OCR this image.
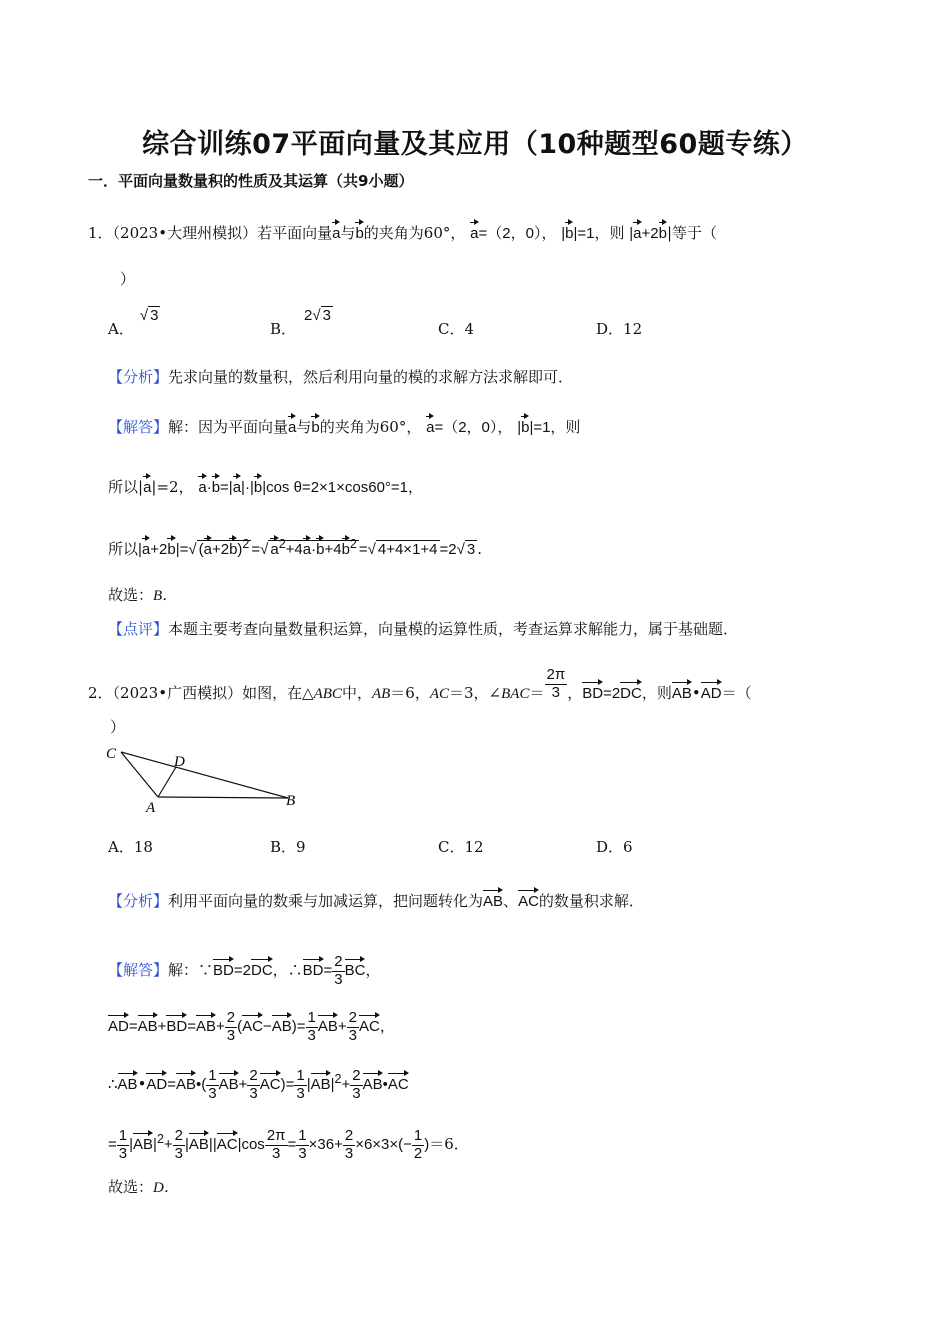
综合训练07平面向量及其应用（10种题型60题专练）
一．平面向量数量积的性质及其运算（共9小题）
1．（2023•大理州模拟）若平面向量a与b的夹角为60°， a=（2，0）， |b|=1，则 |a+2b|等于（
）
A．√ 3
B．2√ 3
C．4	D．12
【分析】先求向量的数量积，然后利用向量的模的求解方法求解即可．
【解答】解：因为平面向量a与b的夹角为60°， a=（2，0）， |b|=1，则
所以|a|=2， a·b=|a|·|b|cos θ=2×1×cos60°=1，
所以|a+2b|=√ $(a+2b)^2$ =√ $a^2+4a\cdot b+4b^2$ =√ 4+4×1+4 =2√ 3 .
故选：B．
【点评】本题主要考查向量数量积运算，向量模的运算性质，考查运算求解能力，属于基础题．
2．（2023•广西模拟）如图，在△ABC中，AB＝6，AC＝3，∠BAC＝ $\frac{2\pi}{3}$ ，BD=2DC，则AB•AD＝（
）
C	D
A	B
A．18	B．9	C．12	D．6
【分析】利用平面向量的数乘与加减运算，把问题转化为AB、AC的数量积求解．
【解答】解：∵BD=2DC，∴BD= $\frac{2}{3}$ BC，
$AD=AB+BD=AB+ \frac{2}{3} (AC-AB)= \frac{1}{3} AB+ \frac{2}{3}$ AC，
∴AB•AD=AB•( $\frac{1}{3} AB+ \frac{2}{3} AC)= \frac{1}{3} |AB|^2+ \frac{2}{3}$ AB•AC
= $\frac{1}{3} |AB|^2+ \frac{2}{3} |AB||AC|\cos \frac{2\pi}{3} = \frac{1}{3} \times 36+ \frac{2}{3} \times 6\times 3\times(- \frac{1}{2} )=6$．
故选：D．
